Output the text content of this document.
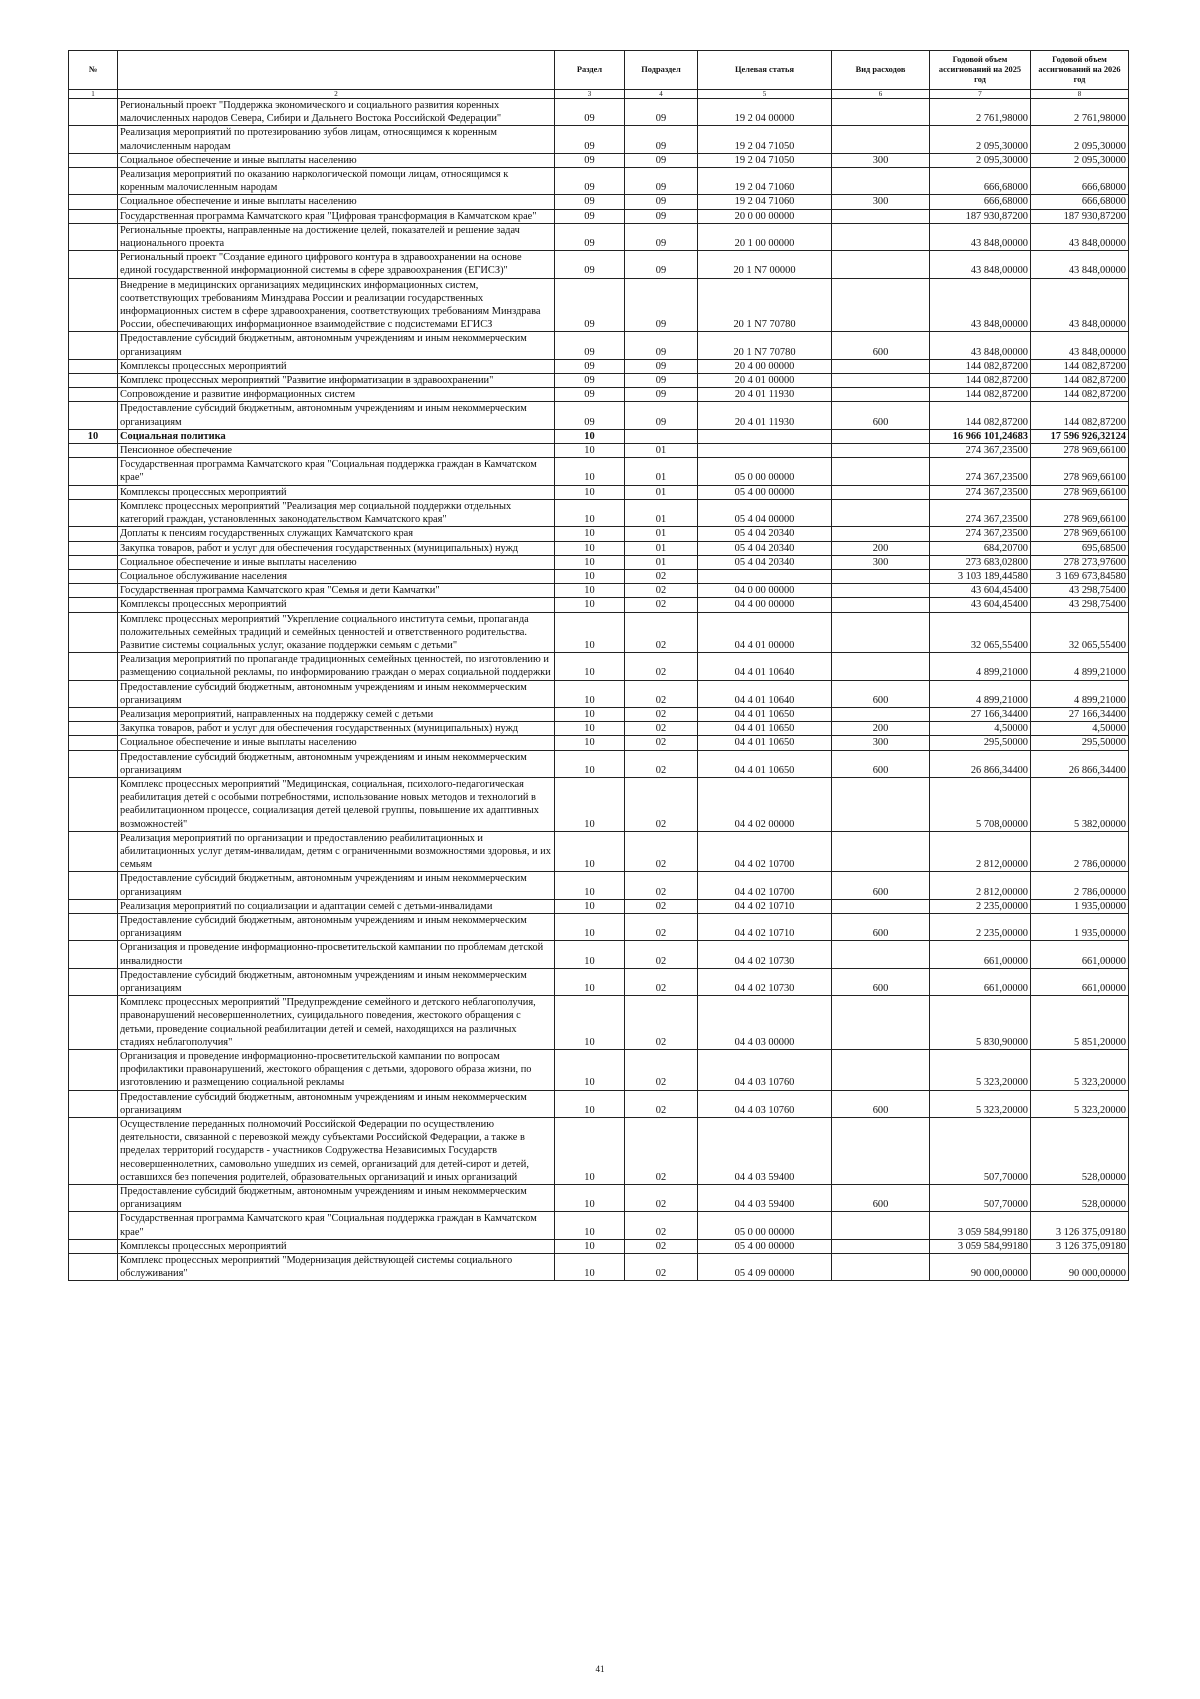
№		Раздел	Подраздел	Целевая статья	Вид расходов	Годовой объем ассигнований на 2025 год	Годовой объем ассигнований на 2026 год
1	2	3	4	5	6	7	8
	Региональный проект "Поддержка экономического и социального развития коренных малочисленных народов Севера, Сибири и Дальнего Востока Российской Федерации"	09	09	19 2 04 00000		2 761,98000	2 761,98000
	Реализация мероприятий по протезированию зубов лицам, относящимся к коренным малочисленным народам	09	09	19 2 04 71050		2 095,30000	2 095,30000
	Социальное обеспечение и иные выплаты населению	09	09	19 2 04 71050	300	2 095,30000	2 095,30000
	Реализация мероприятий по оказанию наркологической помощи лицам, относящимся к коренным малочисленным народам	09	09	19 2 04 71060		666,68000	666,68000
	Социальное обеспечение и иные выплаты населению	09	09	19 2 04 71060	300	666,68000	666,68000
	Государственная программа Камчатского края "Цифровая трансформация в Камчатском крае"	09	09	20 0 00 00000		187 930,87200	187 930,87200
	Региональные проекты, направленные на достижение целей, показателей и решение задач национального проекта	09	09	20 1 00 00000		43 848,00000	43 848,00000
	Региональный проект "Создание единого цифрового контура в здравоохранении на основе единой государственной информационной системы в сфере здравоохранения (ЕГИСЗ)"	09	09	20 1 N7 00000		43 848,00000	43 848,00000
	Внедрение в медицинских организациях медицинских информационных систем, соответствующих требованиям Минздрава России и реализации государственных информационных систем в сфере здравоохранения, соответствующих требованиям Минздрава России, обеспечивающих информационное взаимодействие с подсистемами ЕГИСЗ	09	09	20 1 N7 70780		43 848,00000	43 848,00000
	Предоставление субсидий бюджетным, автономным учреждениям и иным некоммерческим организациям	09	09	20 1 N7 70780	600	43 848,00000	43 848,00000
	Комплексы процессных мероприятий	09	09	20 4 00 00000		144 082,87200	144 082,87200
	Комплекс процессных мероприятий "Развитие информатизации в здравоохранении"	09	09	20 4 01 00000		144 082,87200	144 082,87200
	Сопровождение и развитие информационных систем	09	09	20 4 01 11930		144 082,87200	144 082,87200
	Предоставление субсидий бюджетным, автономным учреждениям и иным некоммерческим организациям	09	09	20 4 01 11930	600	144 082,87200	144 082,87200
10	Социальная политика	10				16 966 101,24683	17 596 926,32124
	Пенсионное обеспечение	10	01			274 367,23500	278 969,66100
	Государственная программа Камчатского края "Социальная поддержка граждан в Камчатском крае"	10	01	05 0 00 00000		274 367,23500	278 969,66100
	Комплексы процессных мероприятий	10	01	05 4 00 00000		274 367,23500	278 969,66100
	Комплекс процессных мероприятий "Реализация мер социальной поддержки отдельных категорий граждан, установленных законодательством Камчатского края"	10	01	05 4 04 00000		274 367,23500	278 969,66100
	Доплаты к пенсиям государственных служащих Камчатского края	10	01	05 4 04 20340		274 367,23500	278 969,66100
	Закупка товаров, работ и услуг для обеспечения государственных (муниципальных) нужд	10	01	05 4 04 20340	200	684,20700	695,68500
	Социальное обеспечение и иные выплаты населению	10	01	05 4 04 20340	300	273 683,02800	278 273,97600
	Социальное обслуживание населения	10	02			3 103 189,44580	3 169 673,84580
	Государственная программа Камчатского края "Семья и дети Камчатки"	10	02	04 0 00 00000		43 604,45400	43 298,75400
	Комплексы процессных мероприятий	10	02	04 4 00 00000		43 604,45400	43 298,75400
	Комплекс процессных мероприятий "Укрепление социального института семьи, пропаганда положительных семейных традиций и семейных ценностей и ответственного родительства. Развитие системы социальных услуг, оказание поддержки семьям с детьми"	10	02	04 4 01 00000		32 065,55400	32 065,55400
	Реализация мероприятий по пропаганде традиционных семейных ценностей, по изготовлению и размещению социальной рекламы, по информированию граждан о мерах социальной поддержки	10	02	04 4 01 10640		4 899,21000	4 899,21000
	Предоставление субсидий бюджетным, автономным учреждениям и иным некоммерческим организациям	10	02	04 4 01 10640	600	4 899,21000	4 899,21000
	Реализация мероприятий, направленных на поддержку семей с детьми	10	02	04 4 01 10650		27 166,34400	27 166,34400
	Закупка товаров, работ и услуг для обеспечения государственных (муниципальных) нужд	10	02	04 4 01 10650	200	4,50000	4,50000
	Социальное обеспечение и иные выплаты населению	10	02	04 4 01 10650	300	295,50000	295,50000
	Предоставление субсидий бюджетным, автономным учреждениям и иным некоммерческим организациям	10	02	04 4 01 10650	600	26 866,34400	26 866,34400
	Комплекс процессных мероприятий "Медицинская, социальная, психолого-педагогическая реабилитация детей с особыми потребностями, использование новых методов и технологий в реабилитационном процессе, социализация детей целевой группы, повышение их адаптивных возможностей"	10	02	04 4 02 00000		5 708,00000	5 382,00000
	Реализация мероприятий по организации и предоставлению реабилитационных и абилитационных услуг детям-инвалидам, детям с ограниченными возможностями здоровья, и их семьям	10	02	04 4 02 10700		2 812,00000	2 786,00000
	Предоставление субсидий бюджетным, автономным учреждениям и иным некоммерческим организациям	10	02	04 4 02 10700	600	2 812,00000	2 786,00000
	Реализация мероприятий по социализации и адаптации семей с детьми-инвалидами	10	02	04 4 02 10710		2 235,00000	1 935,00000
	Предоставление субсидий бюджетным, автономным учреждениям и иным некоммерческим организациям	10	02	04 4 02 10710	600	2 235,00000	1 935,00000
	Организация и проведение информационно-просветительской кампании по проблемам детской инвалидности	10	02	04 4 02 10730		661,00000	661,00000
	Предоставление субсидий бюджетным, автономным учреждениям и иным некоммерческим организациям	10	02	04 4 02 10730	600	661,00000	661,00000
	Комплекс процессных мероприятий "Предупреждение семейного и детского неблагополучия, правонарушений несовершеннолетних, суицидального поведения, жестокого обращения с детьми, проведение социальной реабилитации детей и семей, находящихся на различных стадиях неблагополучия"	10	02	04 4 03 00000		5 830,90000	5 851,20000
	Организация и проведение информационно-просветительской кампании по вопросам профилактики правонарушений, жестокого обращения с детьми, здорового образа жизни, по изготовлению и размещению социальной рекламы	10	02	04 4 03 10760		5 323,20000	5 323,20000
	Предоставление субсидий бюджетным, автономным учреждениям и иным некоммерческим организациям	10	02	04 4 03 10760	600	5 323,20000	5 323,20000
	Осуществление переданных полномочий Российской Федерации по осуществлению деятельности, связанной с перевозкой между субъектами Российской Федерации, а также в пределах территорий государств - участников Содружества Независимых Государств несовершеннолетних, самовольно ушедших из семей, организаций для детей-сирот и детей, оставшихся без попечения родителей, образовательных организаций и иных организаций	10	02	04 4 03 59400		507,70000	528,00000
	Предоставление субсидий бюджетным, автономным учреждениям и иным некоммерческим организациям	10	02	04 4 03 59400	600	507,70000	528,00000
	Государственная программа Камчатского края "Социальная поддержка граждан в Камчатском крае"	10	02	05 0 00 00000		3 059 584,99180	3 126 375,09180
	Комплексы процессных мероприятий	10	02	05 4 00 00000		3 059 584,99180	3 126 375,09180
	Комплекс процессных мероприятий "Модернизация действующей системы социального обслуживания"	10	02	05 4 09 00000		90 000,00000	90 000,00000
41
